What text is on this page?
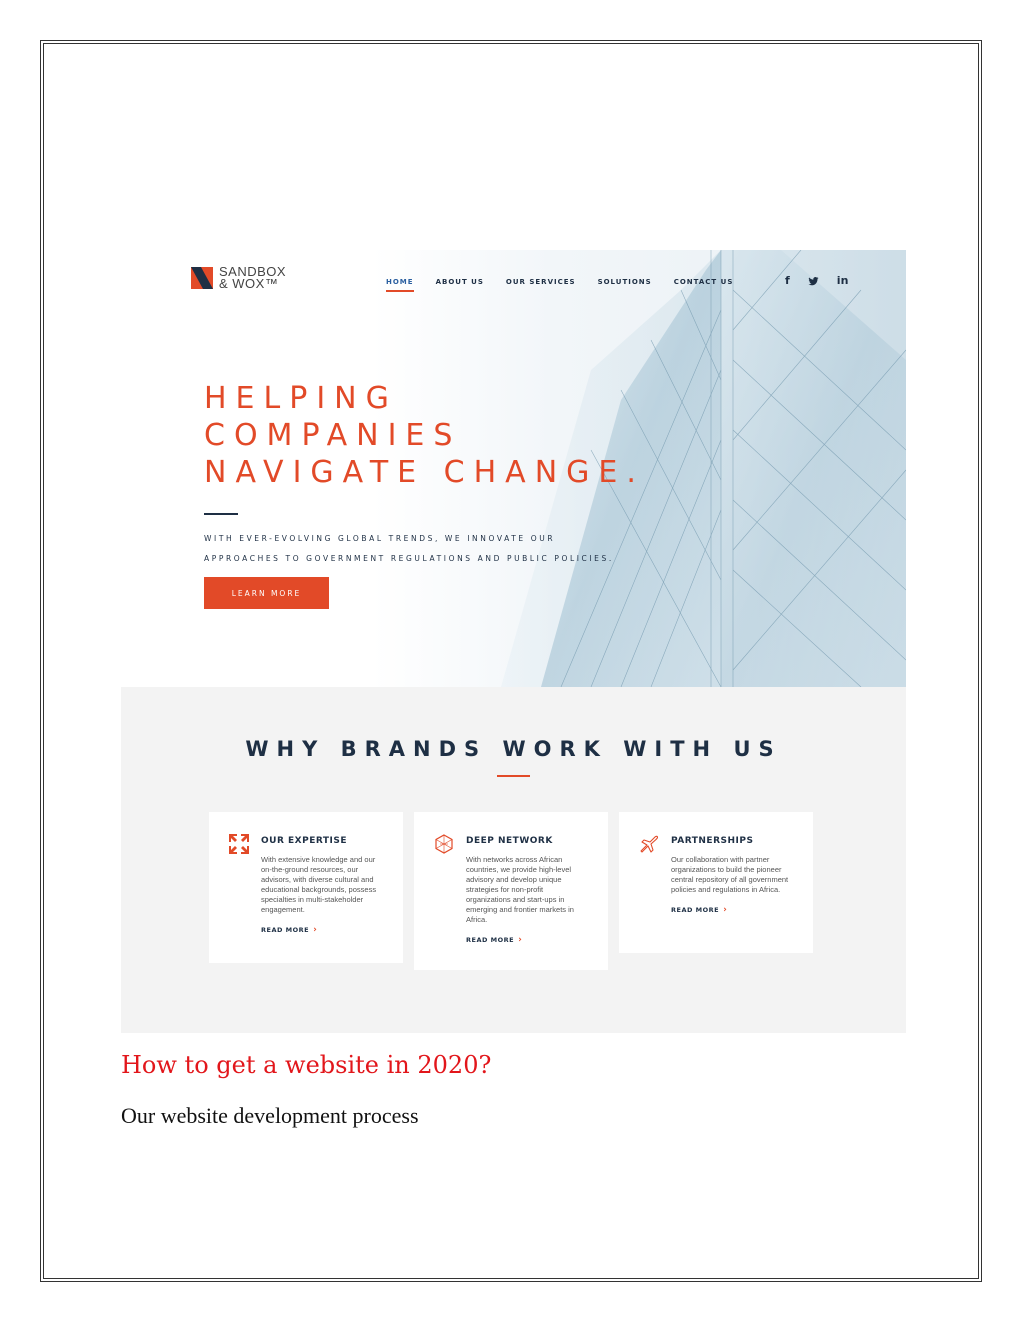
SANDBOX
& WOX™	HOME	ABOUT US	OUR SERVICES	SOLUTIONS	CONTACT US	f	in
HELPING
COMPANIES
NAVIGATE CHANGE.
WITH EVER-EVOLVING GLOBAL TRENDS, WE INNOVATE OUR
APPROACHES TO GOVERNMENT REGULATIONS AND PUBLIC POLICIES.
LEARN MORE
WHY BRANDS WORK WITH US
OUR EXPERTISE
With extensive knowledge and our on-the-ground resources, our advisors, with diverse cultural and educational backgrounds, possess specialties in multi-stakeholder engagement.
READ MORE ›
DEEP NETWORK
With networks across African countries, we provide high-level advisory and develop unique strategies for non-profit organizations and start-ups in emerging and frontier markets in Africa.
READ MORE ›
PARTNERSHIPS
Our collaboration with partner organizations to build the pioneer central repository of all government policies and regulations in Africa.
READ MORE ›
How to get a website in 2020?
Our website development process
